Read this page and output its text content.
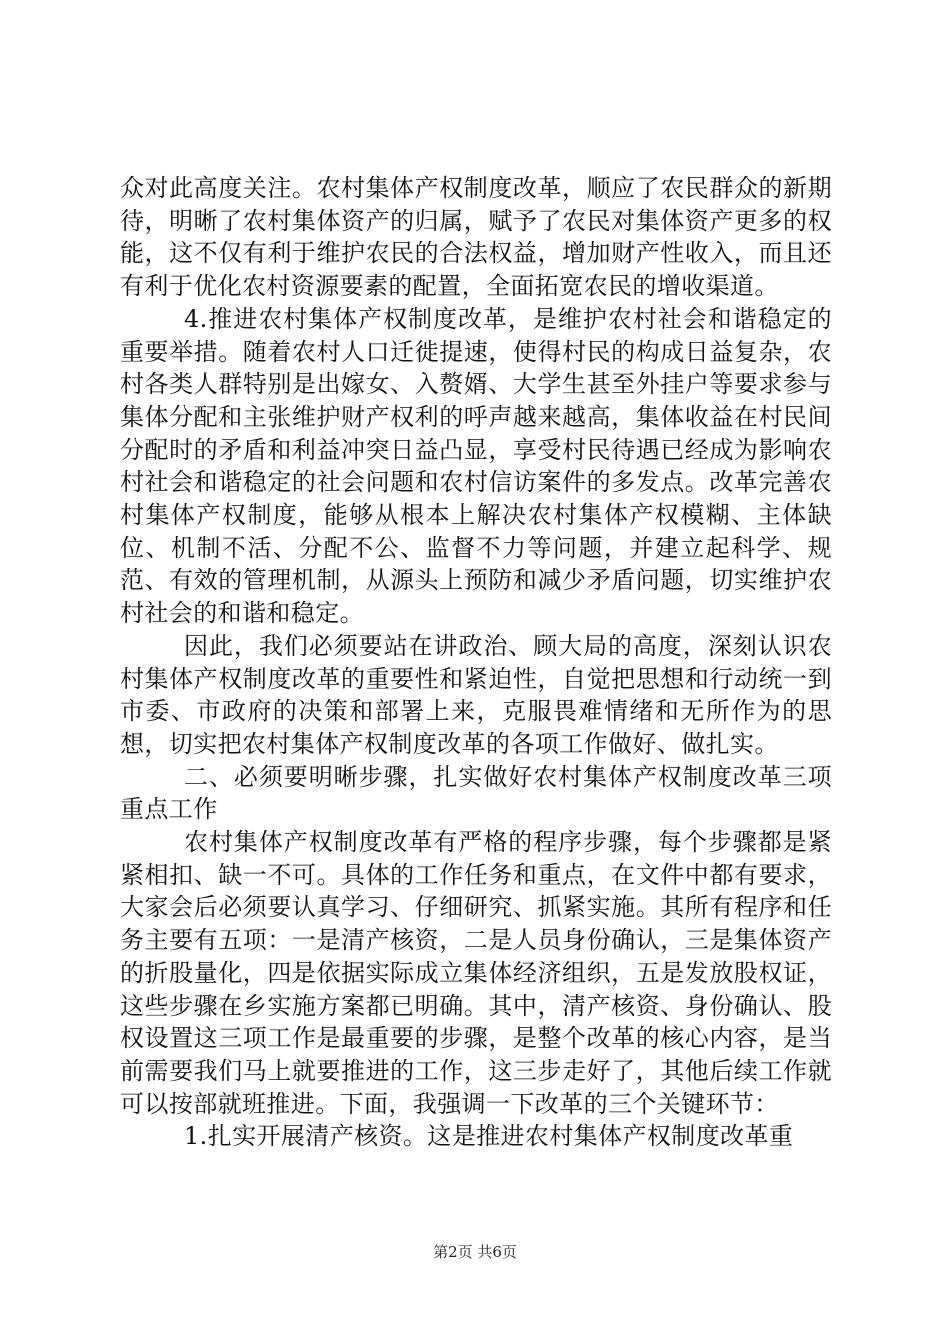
众对此高度关注。农村集体产权制度改革，顺应了农民群众的新期待，明晰了农村集体资产的归属，赋予了农民对集体资产更多的权能，这不仅有利于维护农民的合法权益，增加财产性收入，而且还有利于优化农村资源要素的配置，全面拓宽农民的增收渠道。

4.推进农村集体产权制度改革，是维护农村社会和谐稳定的重要举措。随着农村人口迁徙提速，使得村民的构成日益复杂，农村各类人群特别是出嫁女、入赘婿、大学生甚至外挂户等要求参与集体分配和主张维护财产权利的呼声越来越高，集体收益在村民间分配时的矛盾和利益冲突日益凸显，享受村民待遇已经成为影响农村社会和谐稳定的社会问题和农村信访案件的多发点。改革完善农村集体产权制度，能够从根本上解决农村集体产权模糊、主体缺位、机制不活、分配不公、监督不力等问题，并建立起科学、规范、有效的管理机制，从源头上预防和减少矛盾问题，切实维护农村社会的和谐和稳定。

因此，我们必须要站在讲政治、顾大局的高度，深刻认识农村集体产权制度改革的重要性和紧迫性，自觉把思想和行动统一到市委、市政府的决策和部署上来，克服畏难情绪和无所作为的思想，切实把农村集体产权制度改革的各项工作做好、做扎实。

二、必须要明晰步骤，扎实做好农村集体产权制度改革三项重点工作

农村集体产权制度改革有严格的程序步骤，每个步骤都是紧紧相扣、缺一不可。具体的工作任务和重点，在文件中都有要求，大家会后必须要认真学习、仔细研究、抓紧实施。其所有程序和任务主要有五项：一是清产核资，二是人员身份确认，三是集体资产的折股量化，四是依据实际成立集体经济组织，五是发放股权证，这些步骤在乡实施方案都已明确。其中，清产核资、身份确认、股权设置这三项工作是最重要的步骤，是整个改革的核心内容，是当前需要我们马上就要推进的工作，这三步走好了，其他后续工作就可以按部就班推进。下面，我强调一下改革的三个关键环节：

1.扎实开展清产核资。这是推进农村集体产权制度改革重

第2页 共6页
